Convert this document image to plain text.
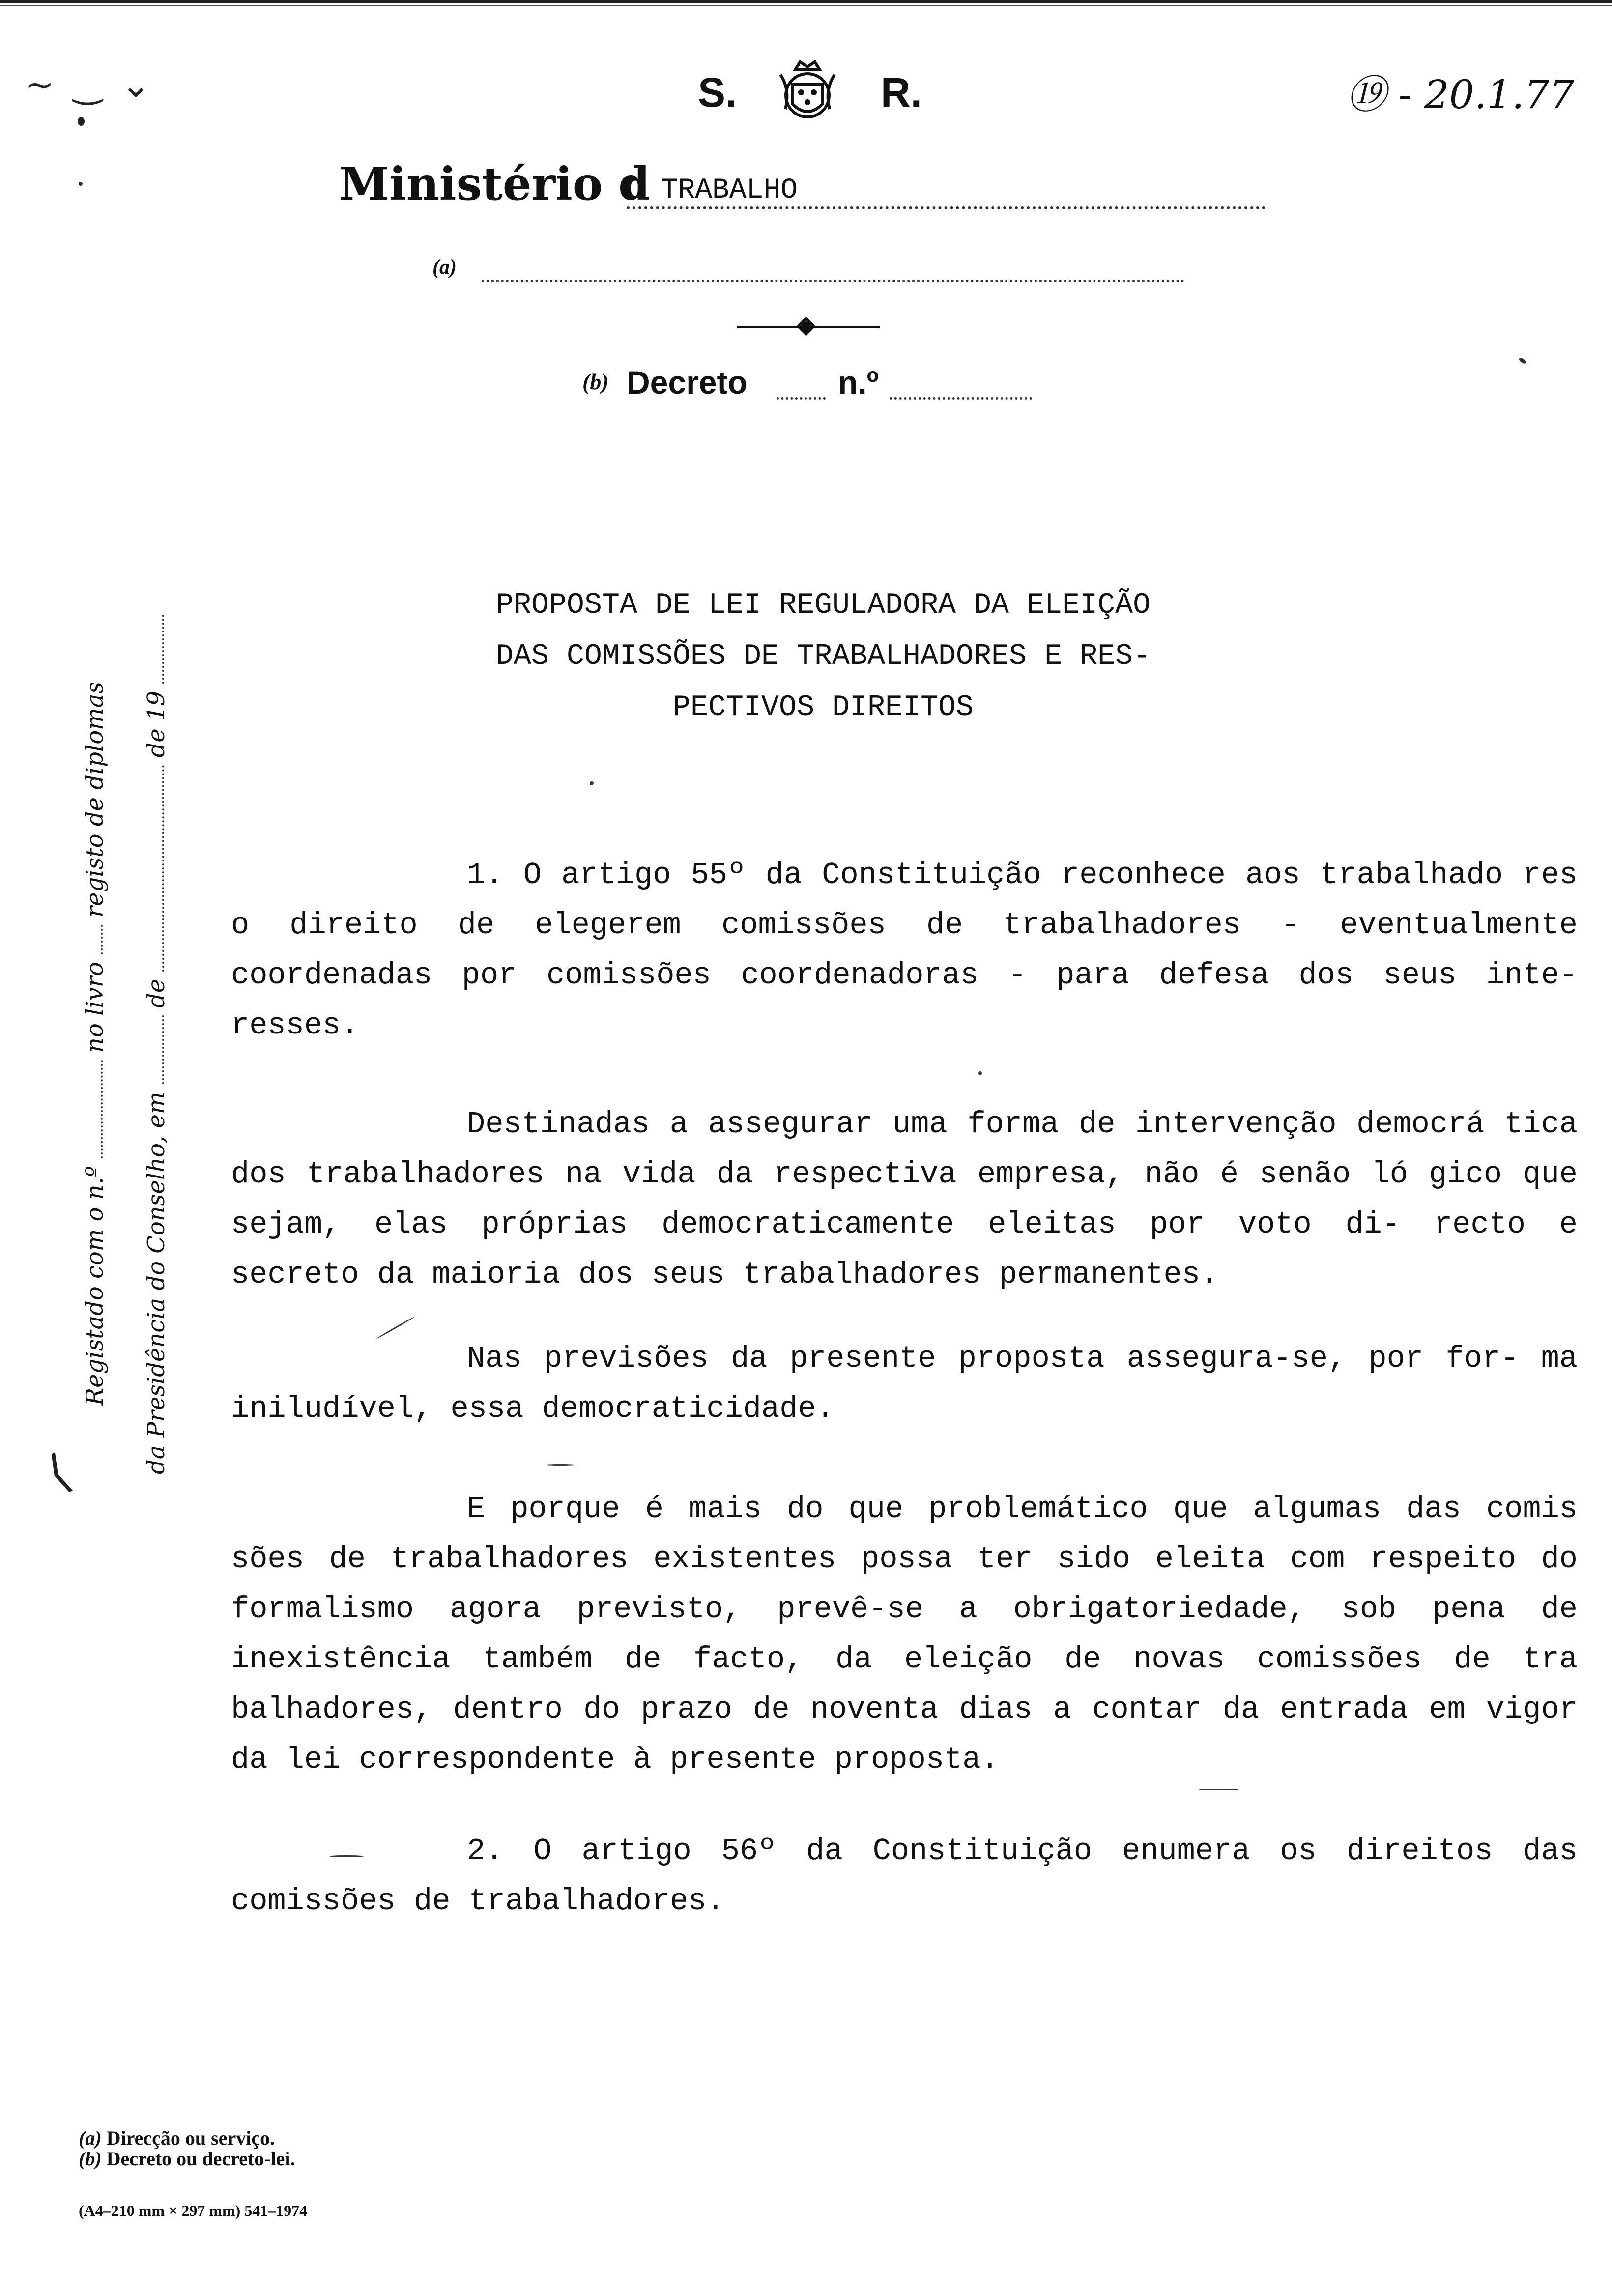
~ ‿ ⌄	S.	R.	⑲ - 20.1.77
Ministério d
O TRABALHO
(a)
(b) Decreto	n.º
Registado com o n.º  no livro  registo de diplomas
da Presidência do Conselho, em  de  de 19
⟨
PROPOSTA DE LEI REGULADORA DA ELEIÇÃO
DAS COMISSÕES DE TRABALHADORES E RES-
PECTIVOS DIREITOS
1. O artigo 55º da Constituição reconhece aos trabalhado res o direito de elegerem comissões de trabalhadores - eventualmente coordenadas por comissões coordenadoras - para defesa dos seus inte- resses.
Destinadas a assegurar uma forma de intervenção democrá tica dos trabalhadores na vida da respectiva empresa, não é senão ló gico que sejam, elas próprias democraticamente eleitas por voto di- recto e secreto da maioria dos seus trabalhadores permanentes.
Nas previsões da presente proposta assegura-se, por for- ma iniludível, essa democraticidade.
E porque é mais do que problemático que algumas das comis sões de trabalhadores existentes possa ter sido eleita com respeito do formalismo agora previsto, prevê-se a obrigatoriedade, sob pena de inexistência também de facto, da eleição de novas comissões de tra balhadores, dentro do prazo de noventa dias a contar da entrada em vigor da lei correspondente à presente proposta.
2. O artigo 56º da Constituição enumera os direitos das comissões de trabalhadores.
(a) Direcção ou serviço.
(b) Decreto ou decreto-lei.
(A4–210 mm × 297 mm) 541–1974
